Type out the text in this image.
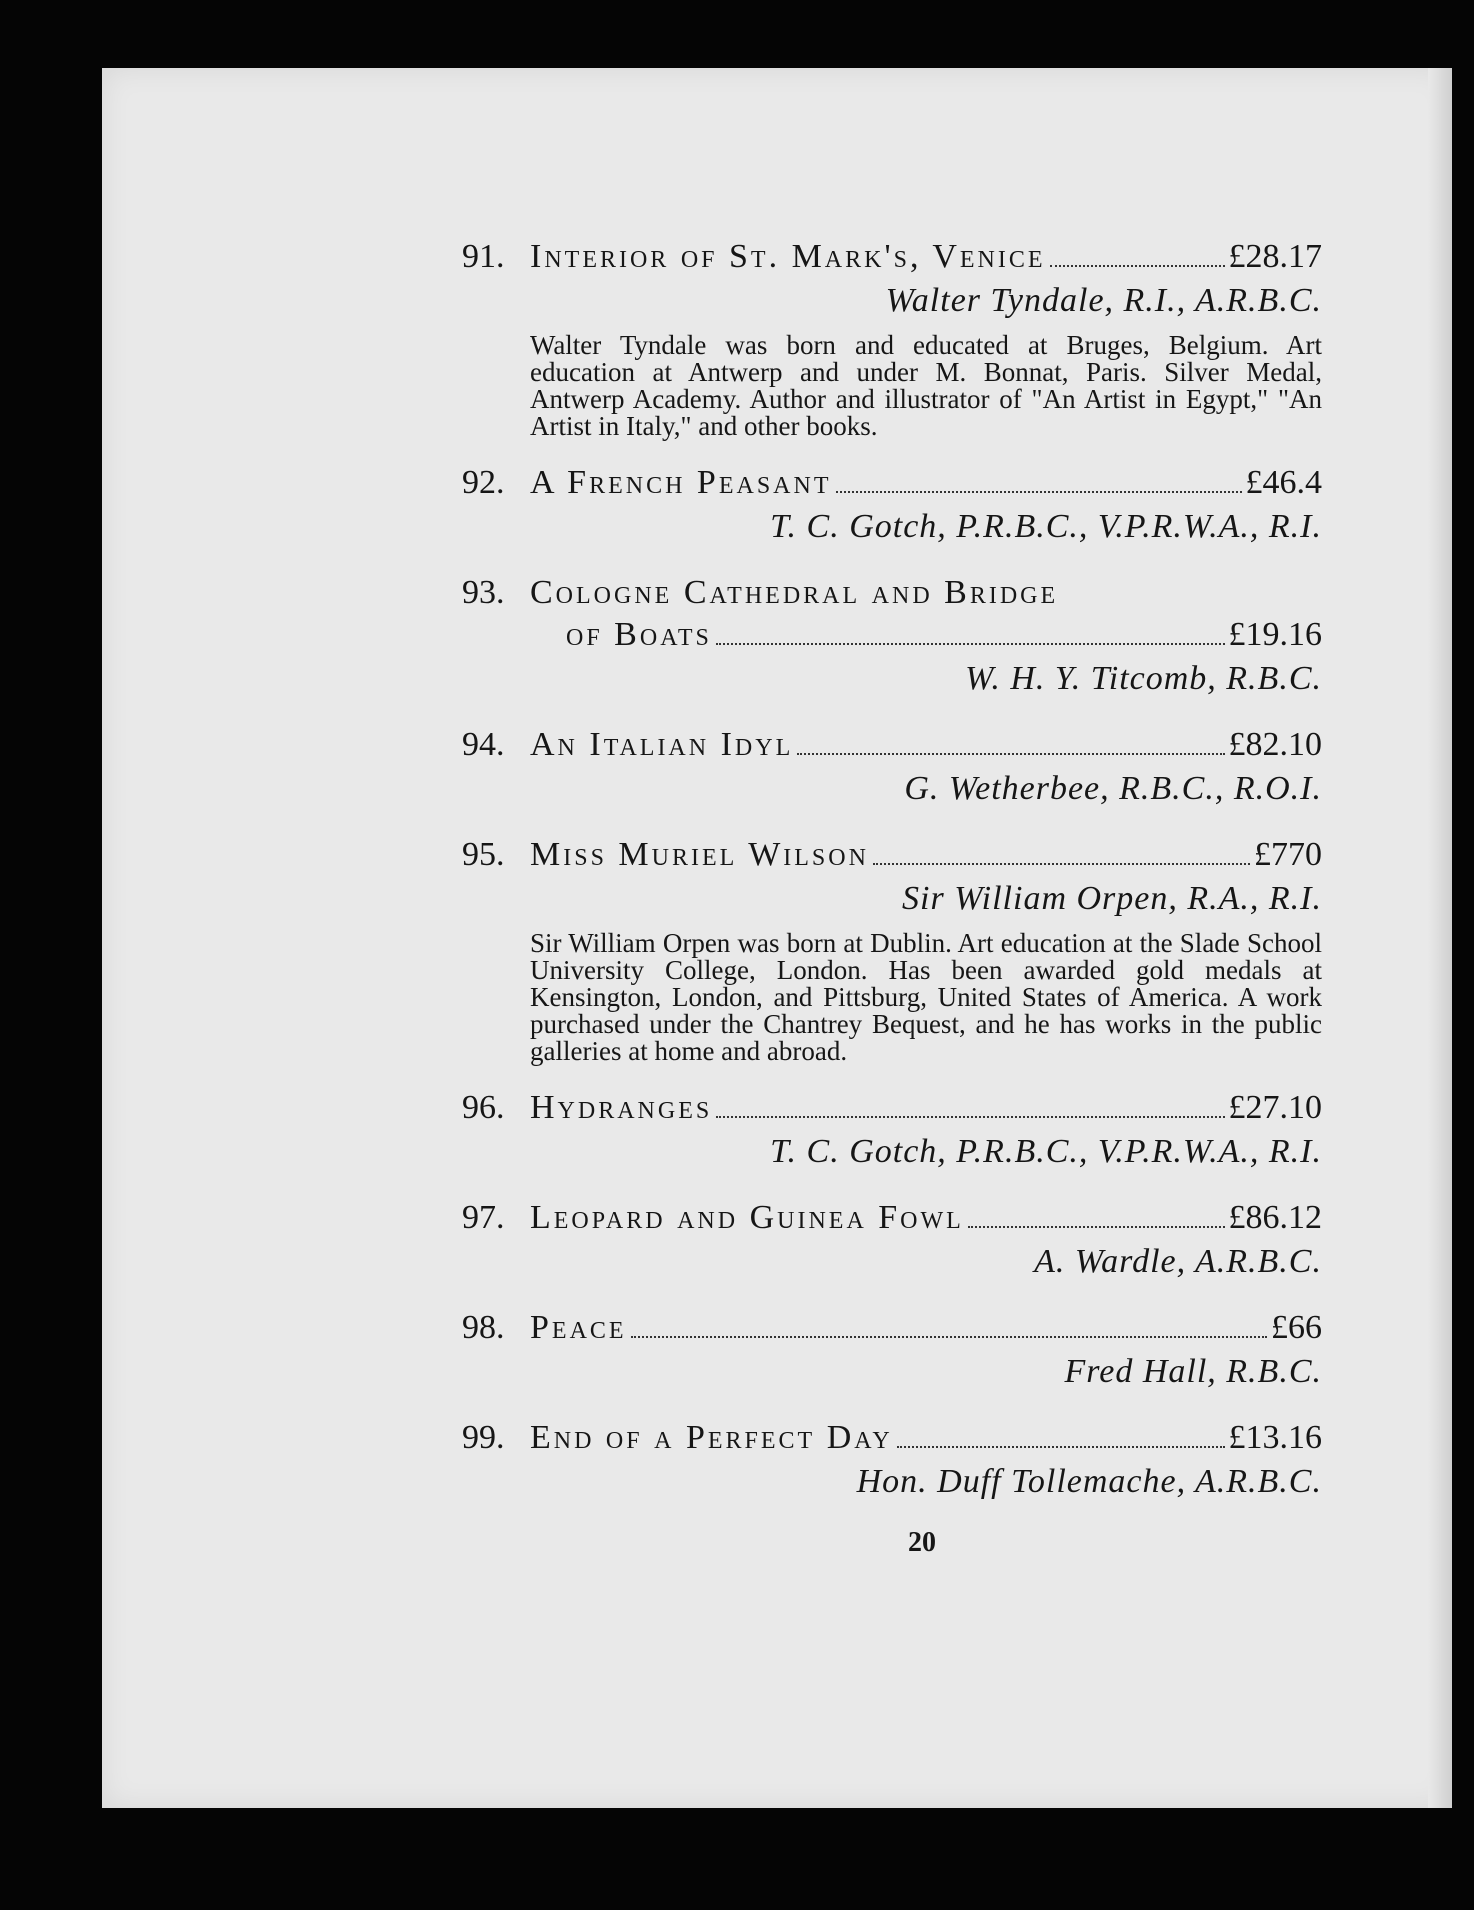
91. Interior of St. Mark's, Venice	£28.17
Walter Tyndale, R.I., A.R.B.C.
Walter Tyndale was born and educated at Bruges, Belgium. Art education at Antwerp and under M. Bonnat, Paris. Silver Medal, Antwerp Academy. Author and illustrator of "An Artist in Egypt," "An Artist in Italy," and other books.
92. A French Peasant	£46.4
T. C. Gotch, P.R.B.C., V.P.R.W.A., R.I.
93. Cologne Cathedral and Bridge
of Boats	£19.16
W. H. Y. Titcomb, R.B.C.
94. An Italian Idyl	£82.10
G. Wetherbee, R.B.C., R.O.I.
95. Miss Muriel Wilson	£770
Sir William Orpen, R.A., R.I.
Sir William Orpen was born at Dublin. Art education at the Slade School University College, London. Has been awarded gold medals at Kensington, London, and Pittsburg, United States of America. A work purchased under the Chantrey Bequest, and he has works in the public galleries at home and abroad.
96. Hydranges	£27.10
T. C. Gotch, P.R.B.C., V.P.R.W.A., R.I.
97. Leopard and Guinea Fowl	£86.12
A. Wardle, A.R.B.C.
98. Peace	£66
Fred Hall, R.B.C.
99. End of a Perfect Day	£13.16
Hon. Duff Tollemache, A.R.B.C.
20
